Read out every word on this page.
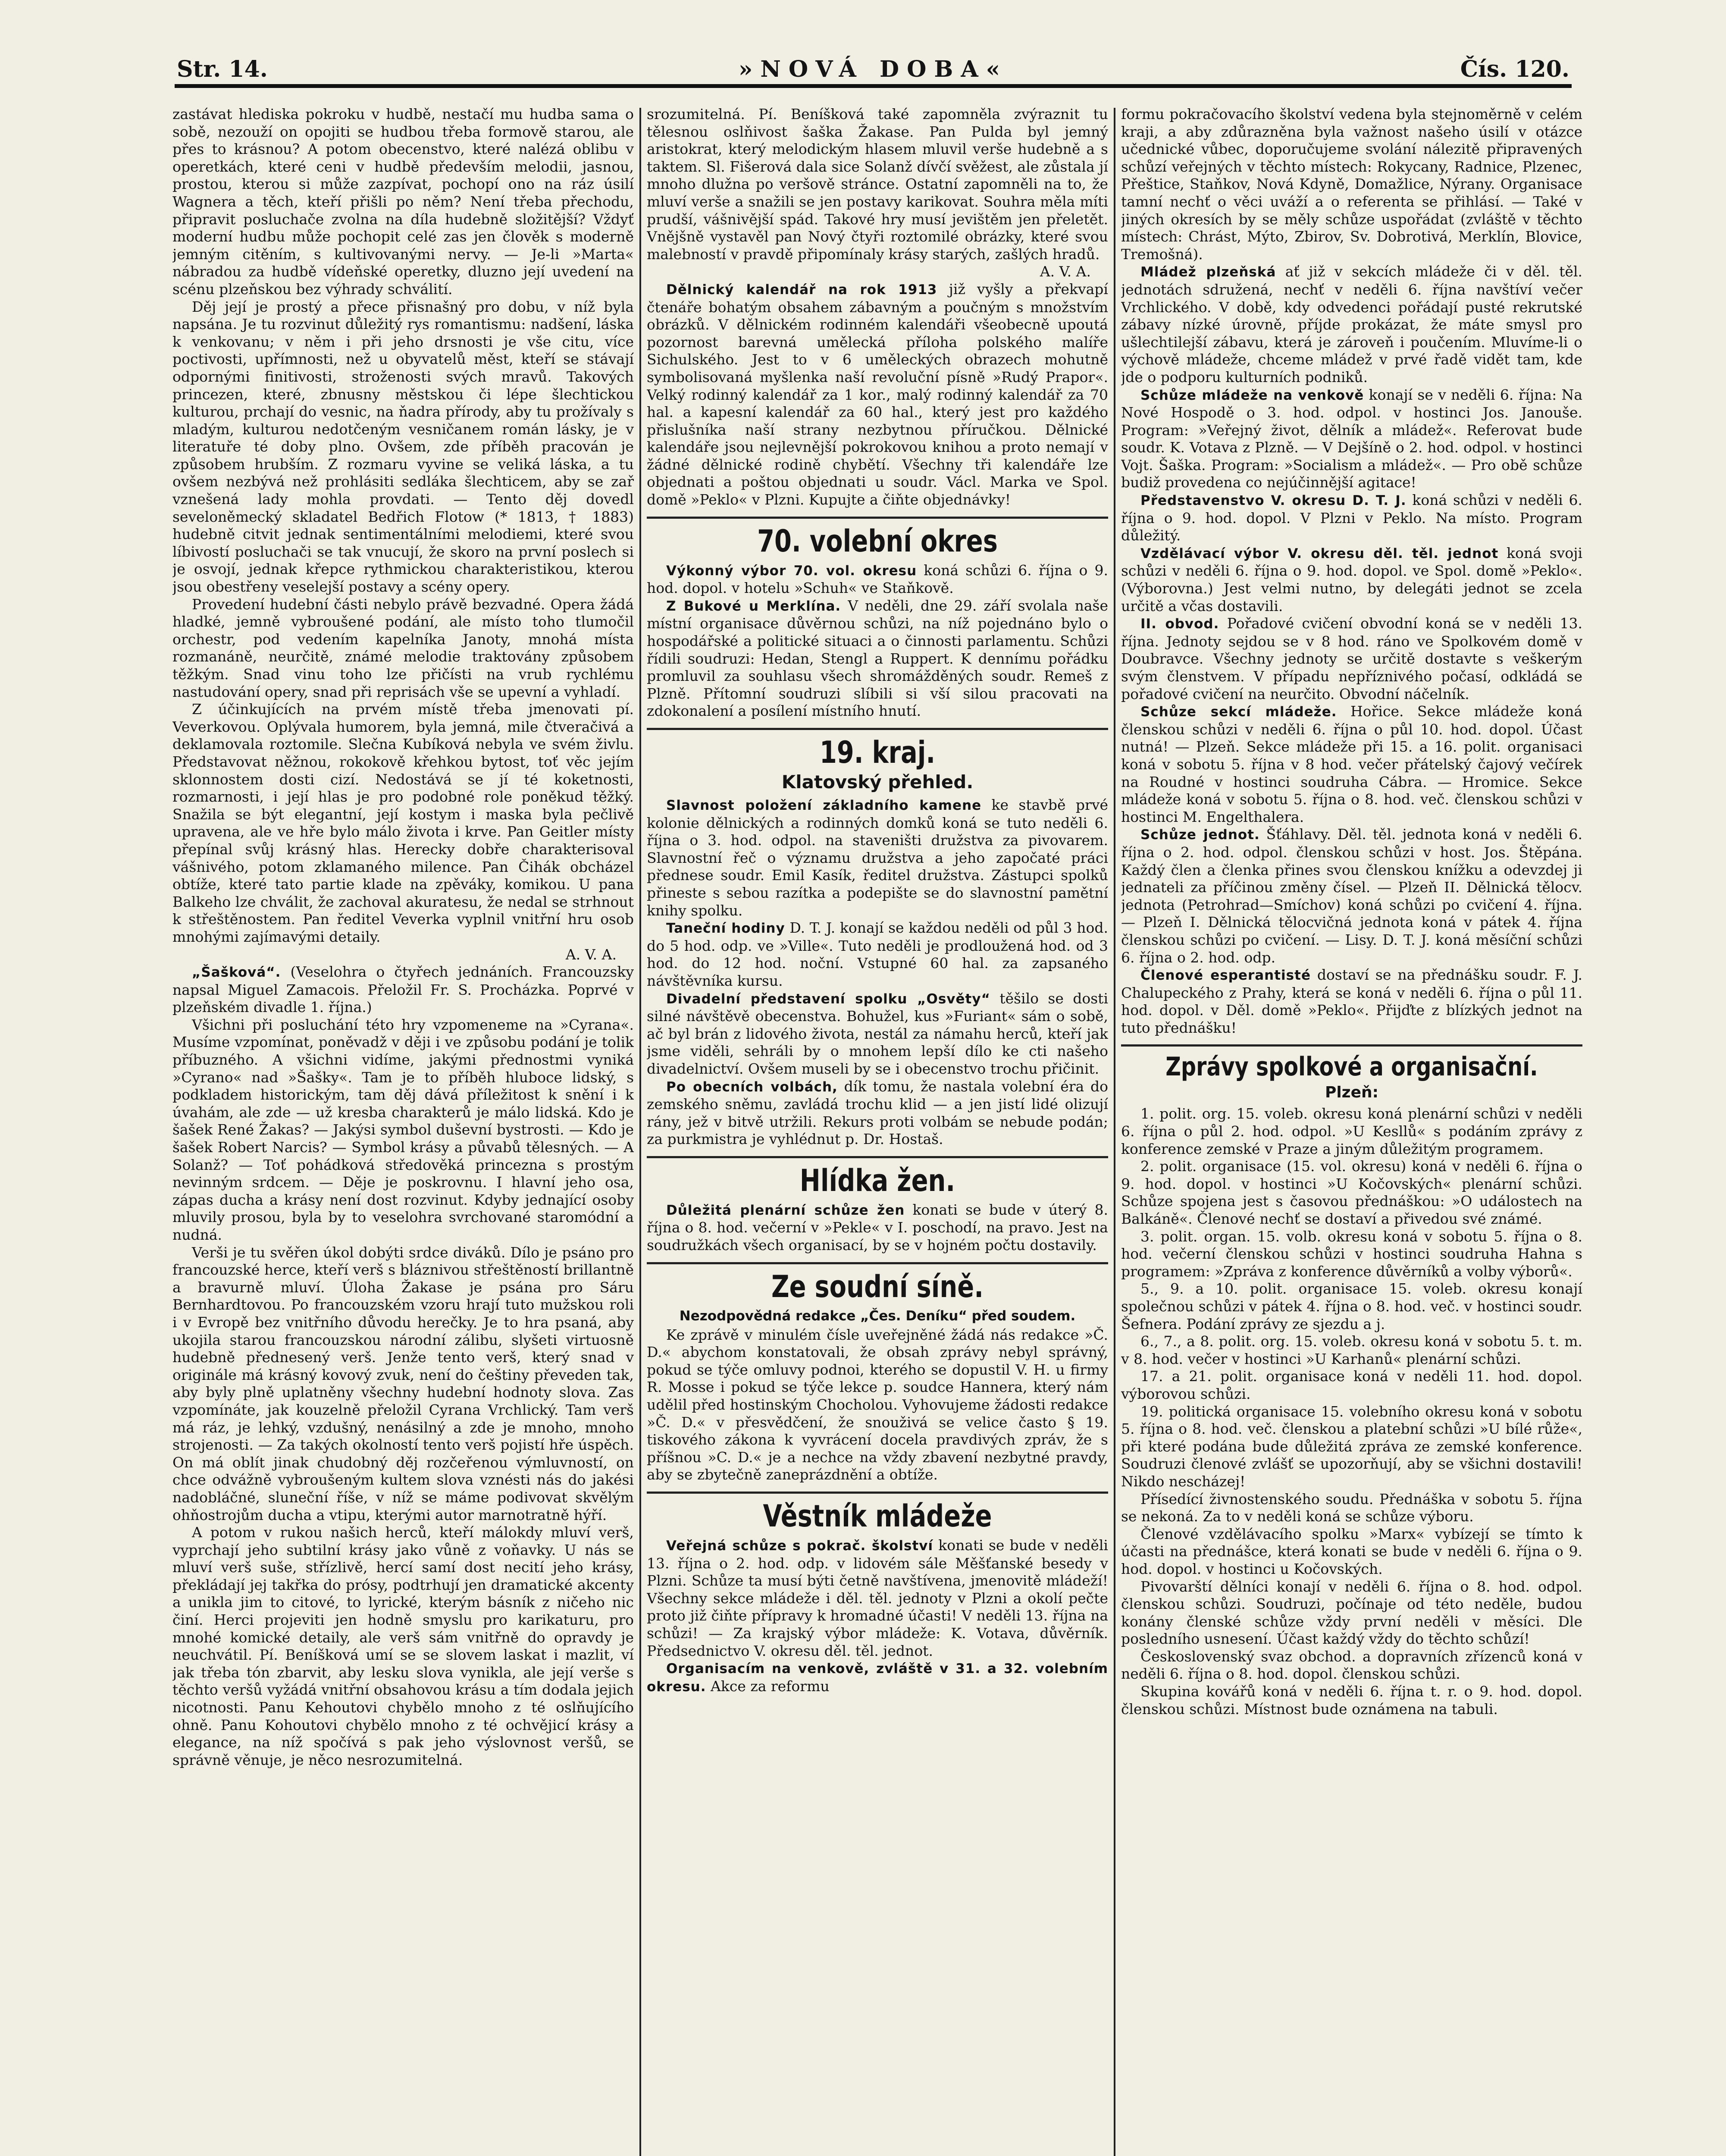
Str. 14.	»NOVÁ DOBA«	Čís. 120.

zastávat hlediska pokroku v hudbě, nestačí mu hudba sama o sobě, nezouží on opojiti se hudbou třeba formově starou, ale přes to krásnou? A potom obecenstvo, které nalézá oblibu v operetkách, které ceni v hudbě především melodii, jasnou, prostou, kterou si může zazpívat, pochopí ono na ráz úsilí Wagnera a těch, kteří přišli po něm? Není třeba přechodu, připravit posluchače zvolna na díla hudebně složitější? Vždyť moderní hudbu může pochopit celé zas jen člověk s moderně jemným citěním, s kultivovanými nervy. — Je-li »Marta« nábradou za hudbě vídeňské operetky, dluzno její uvedení na scénu plzeňskou bez výhrady schválití.

Děj její je prostý a přece přisnašný pro dobu, v níž byla napsána. Je tu rozvinut důležitý rys romantismu: nadšení, láska k venkovanu; v něm i při jeho drsnosti je vše citu, více poctivosti, upřímnosti, než u obyvatelů měst, kteří se stávají odpornými finitivosti, stroženosti svých mravů. Takových princezen, které, zbnusny městskou či lépe šlechtickou kulturou, prchají do vesnic, na ňadra přírody, aby tu prožívaly s mladým, kulturou nedotčeným vesničanem román lásky, je v literatuře té doby plno. Ovšem, zde příběh pracován je způsobem hrubším. Z rozmaru vyvine se veliká láska, a tu ovšem nezbývá než prohlásiti sedláka šlechticem, aby se zař vznešená lady mohla provdati. — Tento děj dovedl seveloněmecký skladatel Bedřich Flotow (* 1813, † 1883) hudebně citvit jednak sentimentálními melodiemi, které svou líbivostí posluchači se tak vnucují, že skoro na první poslech si je osvojí, jednak křepce rythmickou charakteristikou, kterou jsou obestřeny veselejší postavy a scény opery.

Provedení hudební části nebylo právě bezvadné. Opera žádá hladké, jemně vybroušené podání, ale místo toho tlumočil orchestr, pod vedením kapelníka Janoty, mnohá místa rozmanáně, neurčitě, známé melodie traktovány způsobem těžkým. Snad vinu toho lze přičísti na vrub rychlému nastudování opery, snad při reprisách vše se upevní a vyhladí.

Z účinkujících na prvém místě třeba jmenovati pí. Veverkovou. Oplývala humorem, byla jemná, mile čtveračivá a deklamovala roztomile. Slečna Kubíková nebyla ve svém živlu. Představovat něžnou, rokokově křehkou bytost, toť věc jejím sklonnostem dosti cizí. Nedostává se jí té koketnosti, rozmarnosti, i její hlas je pro podobné role poněkud těžký. Snažila se být elegantní, její kostym i maska byla pečlivě upravena, ale ve hře bylo málo života i krve. Pan Geitler místy přepínal svůj krásný hlas. Herecky dobře charakterisoval vášnivého, potom zklamaného milence. Pan Čihák obcházel obtíže, které tato partie klade na zpěváky, komikou. U pana Balkeho lze chválit, že zachoval akuratesu, že nedal se strhnout k střeštěnostem. Pan ředitel Veverka vyplnil vnitřní hru osob mnohými zajímavými detaily.

A. V. A.

„Šašková“. (Veselohra o čtyřech jednáních. Francouzsky napsal Miguel Zamacois. Přeložil Fr. S. Procházka. Poprvé v plzeňském divadle 1. října.)

Všichni při posluchání této hry vzpomeneme na »Cyrana«. Musíme vzpomínat, poněvadž v ději i ve způsobu podání je tolik příbuzného. A všichni vidíme, jakými přednostmi vyniká »Cyrano« nad »Šašky«. Tam je to příběh hluboce lidský, s podkladem historickým, tam děj dává příležitost k snění i k úvahám, ale zde — už kresba charakterů je málo lidská. Kdo je šašek René Žakas? — Jakýsi symbol duševní bystrosti. — Kdo je šašek Robert Narcis? — Symbol krásy a půvabů tělesných. — A Solanž? — Toť pohádková středověká princezna s prostým nevinným srdcem. — Děje je poskrovnu. I hlavní jeho osa, zápas ducha a krásy není dost rozvinut. Kdyby jednající osoby mluvily prosou, byla by to veselohra svrchované staromódní a nudná.

Verši je tu svěřen úkol dobýti srdce diváků. Dílo je psáno pro francouzské herce, kteří verš s bláznivou střeštěností brillantně a bravurně mluví. Úloha Žakase je psána pro Sáru Bernhardtovou. Po francouzském vzoru hrají tuto mužskou roli i v Evropě bez vnitřního důvodu herečky. Je to hra psaná, aby ukojila starou francouzskou národní zálibu, slyšeti virtuosně hudebně přednesený verš. Jenže tento verš, který snad v originále má krásný kovový zvuk, není do češtiny převeden tak, aby byly plně uplatněny všechny hudební hodnoty slova. Zas vzpomínáte, jak kouzelně přeložil Cyrana Vrchlický. Tam verš má ráz, je lehký, vzdušný, nenásilný a zde je mnoho, mnoho strojenosti. — Za takých okolností tento verš pojistí hře úspěch. On má oblít jinak chudobný děj rozčeřenou výmluvností, on chce odvážně vybroušeným kultem slova vznésti nás do jakési nadobláčné, sluneční říše, v níž se máme podivovat skvělým ohňostrojům ducha a vtipu, kterými autor marnotratně hýří.

A potom v rukou našich herců, kteří málokdy mluví verš, vyprchají jeho subtilní krásy jako vůně z voňavky. U nás se mluví verš suše, střízlivě, hercí samí dost necití jeho krásy, překládají jej takřka do prósy, podtrhují jen dramatické akcenty a unikla jim to citové, to lyrické, kterým básník z ničeho nic činí. Herci projeviti jen hodně smyslu pro karikaturu, pro mnohé komické detaily, ale verš sám vnitřně do opravdy je neuchvátil. Pí. Beníšková umí se se slovem laskat i mazlit, ví jak třeba tón zbarvit, aby lesku slova vynikla, ale její verše s těchto veršů vyžádá vnitřní obsahovou krásu a tím dodala jejich nicotnosti. Panu Kehoutovi chybělo mnoho z té oslňujícího ohně. Panu Kohoutovi chybělo mnoho z té ochvějicí krásy a elegance, na níž spočívá s pak jeho výslovnost veršů, se správně věnuje, je něco nesrozumitelná.

srozumitelná. Pí. Beníšková také zapomněla zvýraznit tu tělesnou oslňivost šaška Žakase. Pan Pulda byl jemný aristokrat, který melodickým hlasem mluvil verše hudebně a s taktem. Sl. Fišerová dala sice Solanž dívčí svěžest, ale zůstala jí mnoho dlužna po veršově stránce. Ostatní zapomněli na to, že mluví verše a snažili se jen postavy karikovat. Souhra měla míti prudší, vášnivější spád. Takové hry musí jevištěm jen přeletět. Vnějšně vystavěl pan Nový čtyři roztomilé obrázky, které svou malebností v pravdě připomínaly krásy starých, zašlých hradů.

A. V. A.

Dělnický kalendář na rok 1913 již vyšly a překvapí čtenáře bohatým obsahem zábavným a poučným s množstvím obrázků. V dělnickém rodinném kalendáři všeobecně upoutá pozornost barevná umělecká příloha polského malíře Sichulského. Jest to v 6 uměleckých obrazech mohutně symbolisovaná myšlenka naší revoluční písně »Rudý Prapor«. Velký rodinný kalendář za 1 kor., malý rodinný kalendář za 70 hal. a kapesní kalendář za 60 hal., který jest pro každého přislušníka naší strany nezbytnou příručkou. Dělnické kalendáře jsou nejlevnější pokrokovou knihou a proto nemají v žádné dělnické rodině chybětí. Všechny tři kalendáře lze objednati a poštou objednati u soudr. Václ. Marka ve Spol. domě »Peklo« v Plzni. Kupujte a čiňte objednávky!

70. volební okres

Výkonný výbor 70. vol. okresu koná schůzi 6. října o 9. hod. dopol. v hotelu »Schuh« ve Staňkově.

Z Bukové u Merklína. V neděli, dne 29. září svolala naše místní organisace důvěrnou schůzi, na níž pojednáno bylo o hospodářské a politické situaci a o činnosti parlamentu. Schůzi řídili soudruzi: Hedan, Stengl a Ruppert. K dennímu pořádku promluvil za souhlasu všech shromážděných soudr. Remeš z Plzně. Přítomní soudruzi slíbili si vší silou pracovati na zdokonalení a posílení místního hnutí.

19. kraj.
Klatovský přehled.

Slavnost položení základního kamene ke stavbě prvé kolonie dělnických a rodinných domků koná se tuto neděli 6. října o 3. hod. odpol. na staveništi družstva za pivovarem. Slavnostní řeč o významu družstva a jeho započaté práci přednese soudr. Emil Kasík, ředitel družstva. Zástupci spolků přineste s sebou razítka a podepište se do slavnostní pamětní knihy spolku.

Taneční hodiny D. T. J. konají se každou neděli od půl 3 hod. do 5 hod. odp. ve »Ville«. Tuto neděli je prodloužená hod. od 3 hod. do 12 hod. noční. Vstupné 60 hal. za zapsaného návštěvníka kursu.

Divadelní představení spolku „Osvěty“ těšilo se dosti silné návštěvě obecenstva. Bohužel, kus »Furiant« sám o sobě, ač byl brán z lidového života, nestál za námahu herců, kteří jak jsme viděli, sehráli by o mnohem lepší dílo ke cti našeho divadelnictví. Ovšem museli by se i obecenstvo trochu přičinit.

Po obecních volbách, dík tomu, že nastala volební éra do zemského sněmu, zavládá trochu klid — a jen jistí lidé olizují rány, jež v bitvě utržili. Rekurs proti volbám se nebude podán; za purkmistra je vyhlédnut p. Dr. Hostaš.

Hlídka žen.

Důležitá plenární schůze žen konati se bude v úterý 8. října o 8. hod. večerní v »Pekle« v I. poschodí, na pravo. Jest na soudružkách všech organisací, by se v hojném počtu dostavily.

Ze soudní síně.
Nezodpovědná redakce „Čes. Deníku“ před soudem.

Ke zprávě v minulém čísle uveřejněné žádá nás redakce »Č. D.« abychom konstatovali, že obsah zprávy nebyl správný, pokud se týče omluvy podnoi, kterého se dopustil V. H. u firmy R. Mosse i pokud se týče lekce p. soudce Hannera, který nám udělil před hostinským Chocholou. Vyhovujeme žádosti redakce »Č. D.« v přesvědčení, že snouživá se velice často § 19. tiskového zákona k vyvrácení docela pravdivých zpráv, že s příšnou »C. D.« je a nechce na vždy zbavení nezbytné pravdy, aby se zbytečně zaneprázdnění a obtíže.

Věstník mládeže

Veřejná schůze s pokrač. školství konati se bude v neděli 13. října o 2. hod. odp. v lidovém sále Měšťanské besedy v Plzni. Schůze ta musí býti četně navštívena, jmenovitě mládeží! Všechny sekce mládeže i děl. těl. jednoty v Plzni a okolí pečte proto již čiňte přípravy k hromadné účasti! V neděli 13. října na schůzi! — Za krajský výbor mládeže: K. Votava, důvěrník. Předsednictvo V. okresu děl. těl. jednot.

Organisacím na venkově, zvláště v 31. a 32. volebním okresu. Akce za reformu

formu pokračovacího školství vedena byla stejnoměrně v celém kraji, a aby zdůrazněna byla važnost našeho úsilí v otázce učednické vůbec, doporučujeme svolání nálezitě připravených schůzí veřejných v těchto místech: Rokycany, Radnice, Plzenec, Přeštice, Staňkov, Nová Kdyně, Domažlice, Nýrany. Organisace tamní nechť o věci uváží a o referenta se přihlásí. — Také v jiných okresích by se měly schůze uspořádat (zvláště v těchto místech: Chrást, Mýto, Zbirov, Sv. Dobrotivá, Merklín, Blovice, Tremošná).

Mládež plzeňská ať již v sekcích mládeže či v děl. těl. jednotách sdružená, nechť v neděli 6. října navštíví večer Vrchlického. V době, kdy odvedenci pořádají pusté rekrutské zábavy nízké úrovně, příjde prokázat, že máte smysl pro ušlechtilejší zábavu, která je zároveň i poučením. Mluvíme-li o výchově mládeže, chceme mládež v prvé řadě vidět tam, kde jde o podporu kulturních podniků.

Schůze mládeže na venkově konají se v neděli 6. října: Na Nové Hospodě o 3. hod. odpol. v hostinci Jos. Janouše. Program: »Veřejný život, dělník a mládež«. Referovat bude soudr. K. Votava z Plzně. — V Dejšíně o 2. hod. odpol. v hostinci Vojt. Šaška. Program: »Socialism a mládež«. — Pro obě schůze budiž provedena co nejúčinnější agitace!

Představenstvo V. okresu D. T. J. koná schůzi v neděli 6. října o 9. hod. dopol. V Plzni v Peklo. Na místo. Program důležitý.

Vzdělávací výbor V. okresu děl. těl. jednot koná svoji schůzi v neděli 6. října o 9. hod. dopol. ve Spol. domě »Peklo«. (Výborovna.) Jest velmi nutno, by delegáti jednot se zcela určitě a včas dostavili.

II. obvod. Pořadové cvičení obvodní koná se v neděli 13. října. Jednoty sejdou se v 8 hod. ráno ve Spolkovém domě v Doubravce. Všechny jednoty se určitě dostavte s veškerým svým členstvem. V případu nepříznivého počasí, odkládá se pořadové cvičení na neurčito. Obvodní náčelník.

Schůze sekcí mládeže. Hořice. Sekce mládeže koná členskou schůzi v neděli 6. října o půl 10. hod. dopol. Účast nutná! — Plzeň. Sekce mládeže při 15. a 16. polit. organisaci koná v sobotu 5. října v 8 hod. večer přátelský čajový večírek na Roudné v hostinci soudruha Cábra. — Hromice. Sekce mládeže koná v sobotu 5. října o 8. hod. več. členskou schůzi v hostinci M. Engelthalera.

Schůze jednot. Šťáhlavy. Děl. těl. jednota koná v neděli 6. října o 2. hod. odpol. členskou schůzi v host. Jos. Štěpána. Každý člen a členka přines svou členskou knížku a odevzdej ji jednateli za příčinou změny čísel. — Plzeň II. Dělnická tělocv. jednota (Petrohrad—Smíchov) koná schůzi po cvičení 4. října. — Plzeň I. Dělnická tělocvičná jednota koná v pátek 4. října členskou schůzi po cvičení. — Lisy. D. T. J. koná měsíční schůzi 6. října o 2. hod. odp.

Členové esperantisté dostaví se na přednášku soudr. F. J. Chalupeckého z Prahy, která se koná v neděli 6. října o půl 11. hod. dopol. v Děl. domě »Peklo«. Přijďte z blízkých jednot na tuto přednášku!

Zprávy spolkové a organisační.
Plzeň:

1. polit. org. 15. voleb. okresu koná plenární schůzi v neděli 6. října o půl 2. hod. odpol. »U Kesllů« s podáním zprávy z konference zemské v Praze a jiným důležitým programem.

2. polit. organisace (15. vol. okresu) koná v neděli 6. října o 9. hod. dopol. v hostinci »U Kočovských« plenární schůzi. Schůze spojena jest s časovou přednáškou: »O událostech na Balkáně«. Členové nechť se dostaví a přivedou své známé.

3. polit. organ. 15. volb. okresu koná v sobotu 5. října o 8. hod. večerní členskou schůzi v hostinci soudruha Hahna s programem: »Zpráva z konference důvěrníků a volby výborů«.

5., 9. a 10. polit. organisace 15. voleb. okresu konají společnou schůzi v pátek 4. října o 8. hod. več. v hostinci soudr. Šefnera. Podání zprávy ze sjezdu a j.

6., 7., a 8. polit. org. 15. voleb. okresu koná v sobotu 5. t. m. v 8. hod. večer v hostinci »U Karhanů« plenární schůzi.

17. a 21. polit. organisace koná v neděli 11. hod. dopol. výborovou schůzi.

19. politická organisace 15. volebního okresu koná v sobotu 5. října o 8. hod. več. členskou a platební schůzi »U bílé růže«, při které podána bude důležitá zpráva ze zemské konference. Soudruzi členové zvlášť se upozorňují, aby se všichni dostavili! Nikdo nescházej!

Přísedící živnostenského soudu. Přednáška v sobotu 5. října se nekoná. Za to v neděli koná se schůze výboru.

Členové vzdělávacího spolku »Marx« vybízejí se tímto k účasti na přednášce, která konati se bude v neděli 6. října o 9. hod. dopol. v hostinci u Kočovských.

Pivovarští dělníci konají v neděli 6. října o 8. hod. odpol. členskou schůzi. Soudruzi, počínaje od této neděle, budou konány členské schůze vždy první neděli v měsíci. Dle posledního usnesení. Účast každý vždy do těchto schůzí!

Československý svaz obchod. a dopravních zřízenců koná v neděli 6. října o 8. hod. dopol. členskou schůzi.

Skupina kovářů koná v neděli 6. října t. r. o 9. hod. dopol. členskou schůzi. Místnost bude oznámena na tabuli.
